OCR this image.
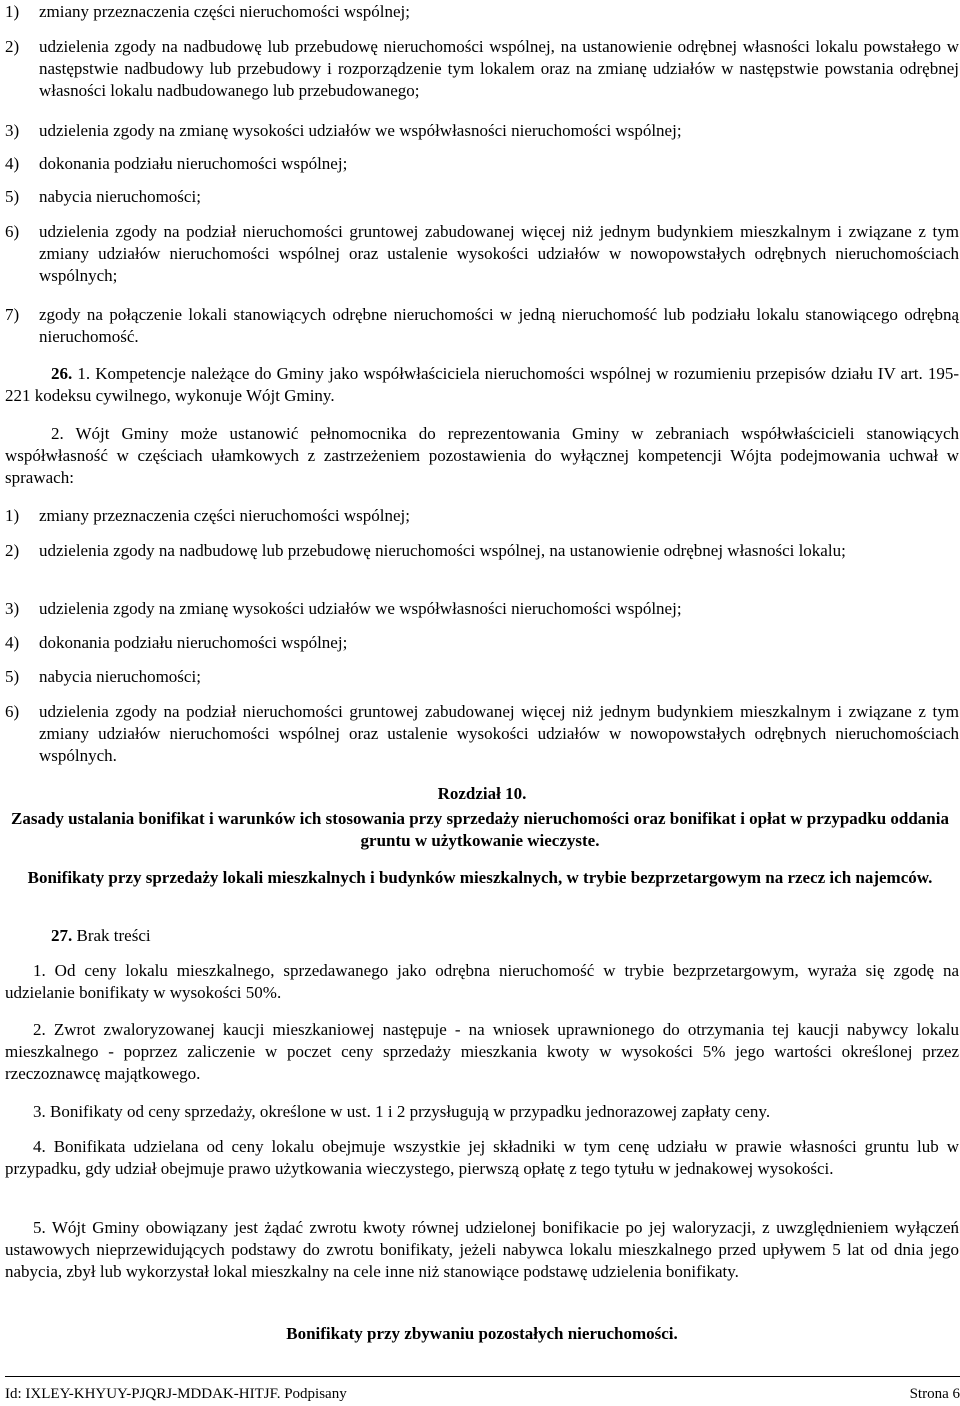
1)	zmiany przeznaczenia części nieruchomości wspólnej;
2)	udzielenia zgody na nadbudowę lub przebudowę nieruchomości wspólnej, na ustanowienie odrębnej własności lokalu powstałego w następstwie nadbudowy lub przebudowy i rozporządzenie tym lokalem oraz na zmianę udziałów w następstwie powstania odrębnej własności lokalu nadbudowanego lub przebudowanego;
3)	udzielenia zgody na zmianę wysokości udziałów we współwłasności nieruchomości wspólnej;
4)	dokonania podziału nieruchomości wspólnej;
5)	nabycia nieruchomości;
6)	udzielenia zgody na podział nieruchomości gruntowej zabudowanej więcej niż jednym budynkiem mieszkalnym i związane z tym zmiany udziałów nieruchomości wspólnej oraz ustalenie wysokości udziałów w nowopowstałych odrębnych nieruchomościach wspólnych;
7)	zgody na połączenie lokali stanowiących odrębne nieruchomości w jedną nieruchomość lub podziału lokalu stanowiącego odrębną nieruchomość.
26. 1. Kompetencje należące do Gminy jako współwłaściciela nieruchomości wspólnej w rozumieniu przepisów działu IV art. 195-221 kodeksu cywilnego, wykonuje Wójt Gminy.
2. Wójt Gminy może ustanowić pełnomocnika do reprezentowania Gminy w zebraniach współwłaścicieli stanowiących współwłasność w częściach ułamkowych z zastrzeżeniem pozostawienia do wyłącznej kompetencji Wójta podejmowania uchwał w sprawach:
1)	zmiany przeznaczenia części nieruchomości wspólnej;
2)	udzielenia zgody na nadbudowę lub przebudowę nieruchomości wspólnej, na ustanowienie odrębnej własności lokalu;
3)	udzielenia zgody na zmianę wysokości udziałów we współwłasności nieruchomości wspólnej;
4)	dokonania podziału nieruchomości wspólnej;
5)	nabycia nieruchomości;
6)	udzielenia zgody na podział nieruchomości gruntowej zabudowanej więcej niż jednym budynkiem mieszkalnym i związane z tym zmiany udziałów nieruchomości wspólnej oraz ustalenie wysokości udziałów w nowopowstałych odrębnych nieruchomościach wspólnych.
Rozdział 10.
Zasady ustalania bonifikat i warunków ich stosowania przy sprzedaży nieruchomości oraz bonifikat i opłat w przypadku oddania gruntu w użytkowanie wieczyste.
Bonifikaty przy sprzedaży lokali mieszkalnych i budynków mieszkalnych, w trybie bezprzetargowym na rzecz ich najemców.
27. Brak treści
1. Od ceny lokalu mieszkalnego, sprzedawanego jako odrębna nieruchomość w trybie bezprzetargowym, wyraża się zgodę na udzielanie bonifikaty w wysokości 50%.
2. Zwrot zwaloryzowanej kaucji mieszkaniowej następuje - na wniosek uprawnionego do otrzymania tej kaucji nabywcy lokalu mieszkalnego - poprzez zaliczenie w poczet ceny sprzedaży mieszkania kwoty w wysokości 5% jego wartości określonej przez rzeczoznawcę majątkowego.
3. Bonifikaty od ceny sprzedaży, określone w ust. 1 i 2 przysługują w przypadku jednorazowej zapłaty ceny.
4. Bonifikata udzielana od ceny lokalu obejmuje wszystkie jej składniki w tym cenę udziału w prawie własności gruntu lub w przypadku, gdy udział obejmuje prawo użytkowania wieczystego, pierwszą opłatę z tego tytułu w jednakowej wysokości.
5. Wójt Gminy obowiązany jest żądać zwrotu kwoty równej udzielonej bonifikacie po jej waloryzacji, z uwzględnieniem wyłączeń ustawowych nieprzewidujących podstawy do zwrotu bonifikaty, jeżeli nabywca lokalu mieszkalnego przed upływem 5 lat od dnia jego nabycia, zbył lub wykorzystał lokal mieszkalny na cele inne niż stanowiące podstawę udzielenia bonifikaty.
Bonifikaty przy zbywaniu pozostałych nieruchomości.
Id: IXLEY-KHYUY-PJQRJ-MDDAK-HITJF. Podpisany	Strona 6
